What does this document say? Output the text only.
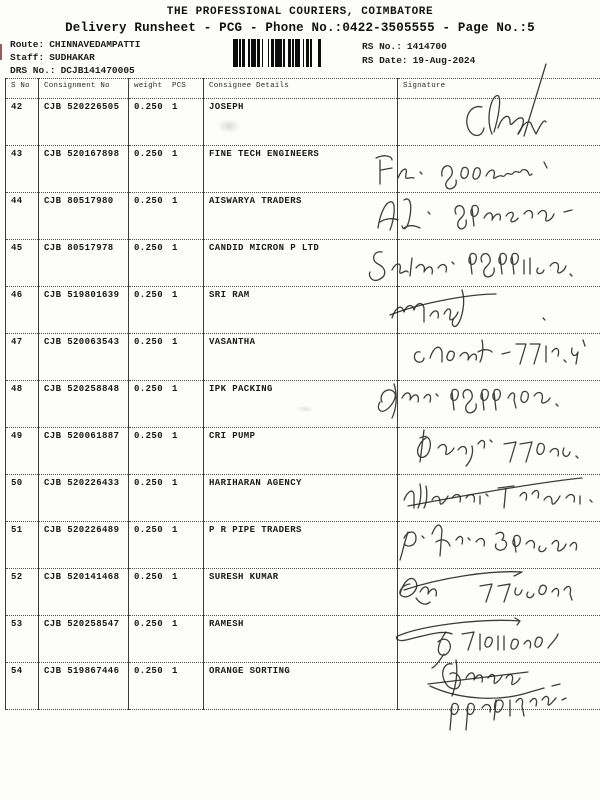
THE PROFESSIONAL COURIERS, COIMBATORE
Delivery Runsheet - PCG - Phone No.:0422-3505555 - Page No.:5
Route: CHINNAVEDAMPATTI
Staff: SUDHAKAR
DRS No.: DCJB141470005
RS No.: 1414700
RS Date: 19-Aug-2024
S No	Consignment No	weight PCS	Consignee Details	Signature
42	CJB 520226505	0.250 1	JOSEPH	
43	CJB 520167898	0.250 1	FINE TECH ENGINEERS	
44	CJB 80517980	0.250 1	AISWARYA TRADERS	
45	CJB 80517978	0.250 1	CANDID MICRON P LTD	
46	CJB 519801639	0.250 1	SRI RAM	
47	CJB 520063543	0.250 1	VASANTHA	
48	CJB 520258848	0.250 1	IPK PACKING	
49	CJB 520061887	0.250 1	CRI PUMP	
50	CJB 520226433	0.250 1	HARIHARAN AGENCY	
51	CJB 520226489	0.250 1	P R PIPE TRADERS	
52	CJB 520141468	0.250 1	SURESH KUMAR	
53	CJB 520258547	0.250 1	RAMESH	
54	CJB 519867446	0.250 1	ORANGE SORTING	
